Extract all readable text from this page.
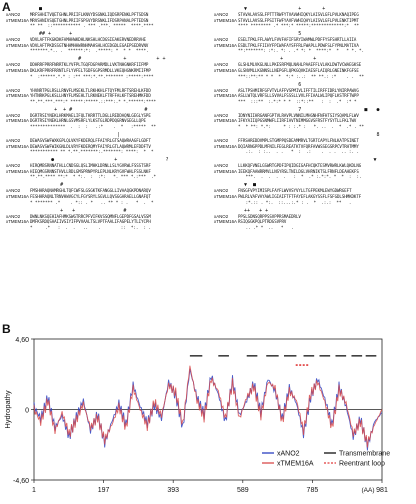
A	■
xANO2	MRFSHHITVQETGHNLPRIIFLKNVYDSGNKLIQDSRPENKLPFTSDSN
xTMEM16A MRVSHNIVSQETGHNLPRIIFSPSVYDRSNKLIFDSRPANALPFTEDSN
** **  ::*********** . *** .***. *****  ****.****
## +      +
xANO2	VDVLAFTFKGKDKFAMHHWKDHLNKSHLHCDGSIEAKERVNEDRRVHE
xTMEM16A VDVLAFTPKDSSGTNHHMHHWRNHMAHSHLHCEDGDLEGAEPSEDRVNV
*******.*.. .  ******:*:  .*****: *  * *  ****.
#              +          + +
xANO2	DDHRRFPRRFNRRTKLYVFPLTGQFDGPARMDLLVKTNHGNKRFIIFMP
xTMEM16A DKLKRFPRRFRRNTLFLYVFELTGDFGGPSRMDLLVKEQHGNKRMIIFMP
*  :******.*.* : :** ***:*.**.******* :*****:****

xANO2	YHVNRTPGLRSLLRNVFLMSEKLTLRKHKHLFTQYFMLRFTSREHLKFDD
xTMEM16A YHTNRKPGLKSLLHNYFLMSEHLTLRKNEKLFTRFFALKFTSREHMKFDD
**.**.***.***:* *****:*****.::***:.* *.******:****
+  + #                        #
xANO2	DGRTRSIYNEKLHRKMAELIFQLTKRRTTLDGLLREDDAQNLGEGLYSPE
xTMEM16A DGRTRSIYNEKLHRNLGSVMSRFLYLKSTGLRDPDQGRNVGEGLLQPE
**************  .  :  :   .:*    .  *   :*****  **
|
xANO2	DEWASVSWFWXKGPLQLVKYFKDERQLFFAIYRLGTSAQWRAAGFLGDFT
xTMEM16A DEWASVSWFWIKGNLDLVRYFKDERQMYFAIYRLGTLAQWRMLEFDDFTV
*********** ** *.**.*******:.*******: ****:  *  *
●                    +                ?
xANO2	HIRQMBSRNNATHLLCNDSGLQSLIMHKLDRNLLSLYGVRWLFSSSTSRF
xTMEM16A HIEQMGSRNNSTHVLLRDLGMSPRNPYRLEPLNLKRYGVFWHLFSSLNKF
**.**.**** **:*  * *:.  :  :*:   *. *** *.:***  .*
#
xANO2	FMSHHRAQNAMRGHLTQFCWFSLGSGKTKFANGGLLIVAAQGKPDNARQV
xTMEM16A FESHHRAQNLTRNVHWVGCYLFGYSRYLSGVLLQVSGGARAELLGNAFQT
* ******* .*    . *:: . *   .. ** * : .   *  .  *
+   +                #
xANO2	DWNLNKSQEHIAFHMKSWGTRRCPFVIFKVSSQMNFLGEPDFGSALVSSM
xTMEM16A DMFKSRDQSAAIIVSIYIFPVVAALTSLVPTFAALIFAGPELYTLIYCPH
*     .*   :  .  .   ..    .        ::  *:.  : .
▼                 +       +
xANO2	STAVALAVSSLFPTTTRWFYTVAVWHIQKYLAISVLGFLPVLKNAQIPEG
xTMEM16A STAVLLAVSSLFPSITFWFYAVFVWHIQHYLAISVLGFLPVLENKTIPMT
**** ******** .* ***:* *****:*************:*  **
5
xANO2	ESELTPKLFFLAWYLFVVFAFIFSRYIWAMWLPDFFYSFSHRTLLAIIA
xTMEM16A ESDLTPKLFFIIHYFPIWAFAYSFFRLFWAPLLPDWFSLFYPNLMATIVA
**:*******: :*:. *: . .* *: *  ****:*  *   * *. *.
+          +
xANO2	GLSHLMLVKGLNLLPKESRFMQLNAHLPAAEFFLVLAKLDWTVCWAEGKSE
xTMEM16A GLSNVMLLKGNNSLLNEPGFLQPKGQVKIAESFLAIQRLGNEINKFGFSE
***::**:** * *  *  *:* :..:  ** **.: :*    . .  **
6
xANO2	ASLTPSHMIRFGFVTVLAFFVSPMIVLIFFTILIRFFIDRLYNIRPAWVG
xTMEM16A ASLLWTQLVRFSLLSVVALFSSSLLVVLFFIAALWLIPQFLKSTRFTWPP
***  :::**  :.*:* * *  ::*::**   :  :  .*  :* *
7                     ■   ●
xANO2	IDNYNIIHRGANFGPTVLRAVPLVNNILMHGNHFNFHTSIYSQAMLFLWV
xTMEM16A IFKYAIIQPGSNMWFLIIRFIAVTNIMMGGVSFRSTFYSYTLLFKLTWV
*  * **: *.*:     * : :.* :   *. ..  .  *  .* . **
8
xANO2	FFRSHREDDVMPLSTGMPPQSDEAMMRVLTGRTCAPYLFNLKATPSINET
xTMEM16A DQIARNGPPDLMFNILFEGLREATKTVFQRFAVWSSEGSRPCVTRHTMMY
.:.  : :..  . .   *  :  .:    .  . .  .. :. .
▼
xANO2	LLKKQFVNELGSWRTGPDFIPQIDGIGAFHCQKTESMVRWRLKWLQKDLNG
xTMEM16A IEEKQFAAWRRMVLLNSYRSLTNILDGLVHRNIKTSLFRNFLDEAHEKFS
***.  .  .  .  .   :  *  .* :.*:*. *  *  :  :.
▼  ■
xANO2	FNSGFVPYIMISPLFAYFLWVVSYVYLLTGFPEKMLEWYGDWRGEFT
xTMEM16A PWLRLVAFVAYAWLIGIAIFTFTFAYEFLAKGYSSFLFSFGDLSHMKDKTF
:*.:: . *:.  ::...:.* : .  *  .:.:  **   .
++   + +
xANO2	PPSLSDNSQRPPSSVPPRSMAEDRLV
xTMEM16A RSIQGGKPQLPTRDGSVPRV
.. .* *  ..   *   .
B
4,60
0
-4,60
1	197	393	589	785	981
Hydropathy
(AA)
xANO2
xTMEM16A
Transmembrane
Reentrant loop
